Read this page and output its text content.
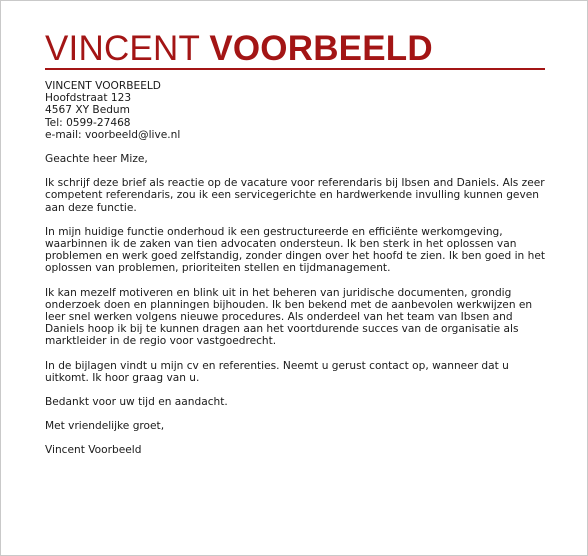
VINCENT VOORBEELD
VINCENT VOORBEELD
Hoofdstraat 123
4567 XY Bedum
Tel: 0599-27468
e-mail: voorbeeld@live.nl

Geachte heer Mize,

Ik schrijf deze brief als reactie op de vacature voor referendaris bij Ibsen and Daniels. Als zeer competent referendaris, zou ik een servicegerichte en hardwerkende invulling kunnen geven aan deze functie.

In mijn huidige functie onderhoud ik een gestructureerde en efficiënte werkomgeving, waarbinnen ik de zaken van tien advocaten ondersteun. Ik ben sterk in het oplossen van problemen en werk goed zelfstandig, zonder dingen over het hoofd te zien. Ik ben goed in het oplossen van problemen, prioriteiten stellen en tijdmanagement.

Ik kan mezelf motiveren en blink uit in het beheren van juridische documenten, grondig onderzoek doen en planningen bijhouden. Ik ben bekend met de aanbevolen werkwijzen en leer snel werken volgens nieuwe procedures. Als onderdeel van het team van Ibsen and Daniels hoop ik bij te kunnen dragen aan het voortdurende succes van de organisatie als marktleider in de regio voor vastgoedrecht.

In de bijlagen vindt u mijn cv en referenties. Neemt u gerust contact op, wanneer dat u uitkomt. Ik hoor graag van u.

Bedankt voor uw tijd en aandacht.

Met vriendelijke groet,

Vincent Voorbeeld
